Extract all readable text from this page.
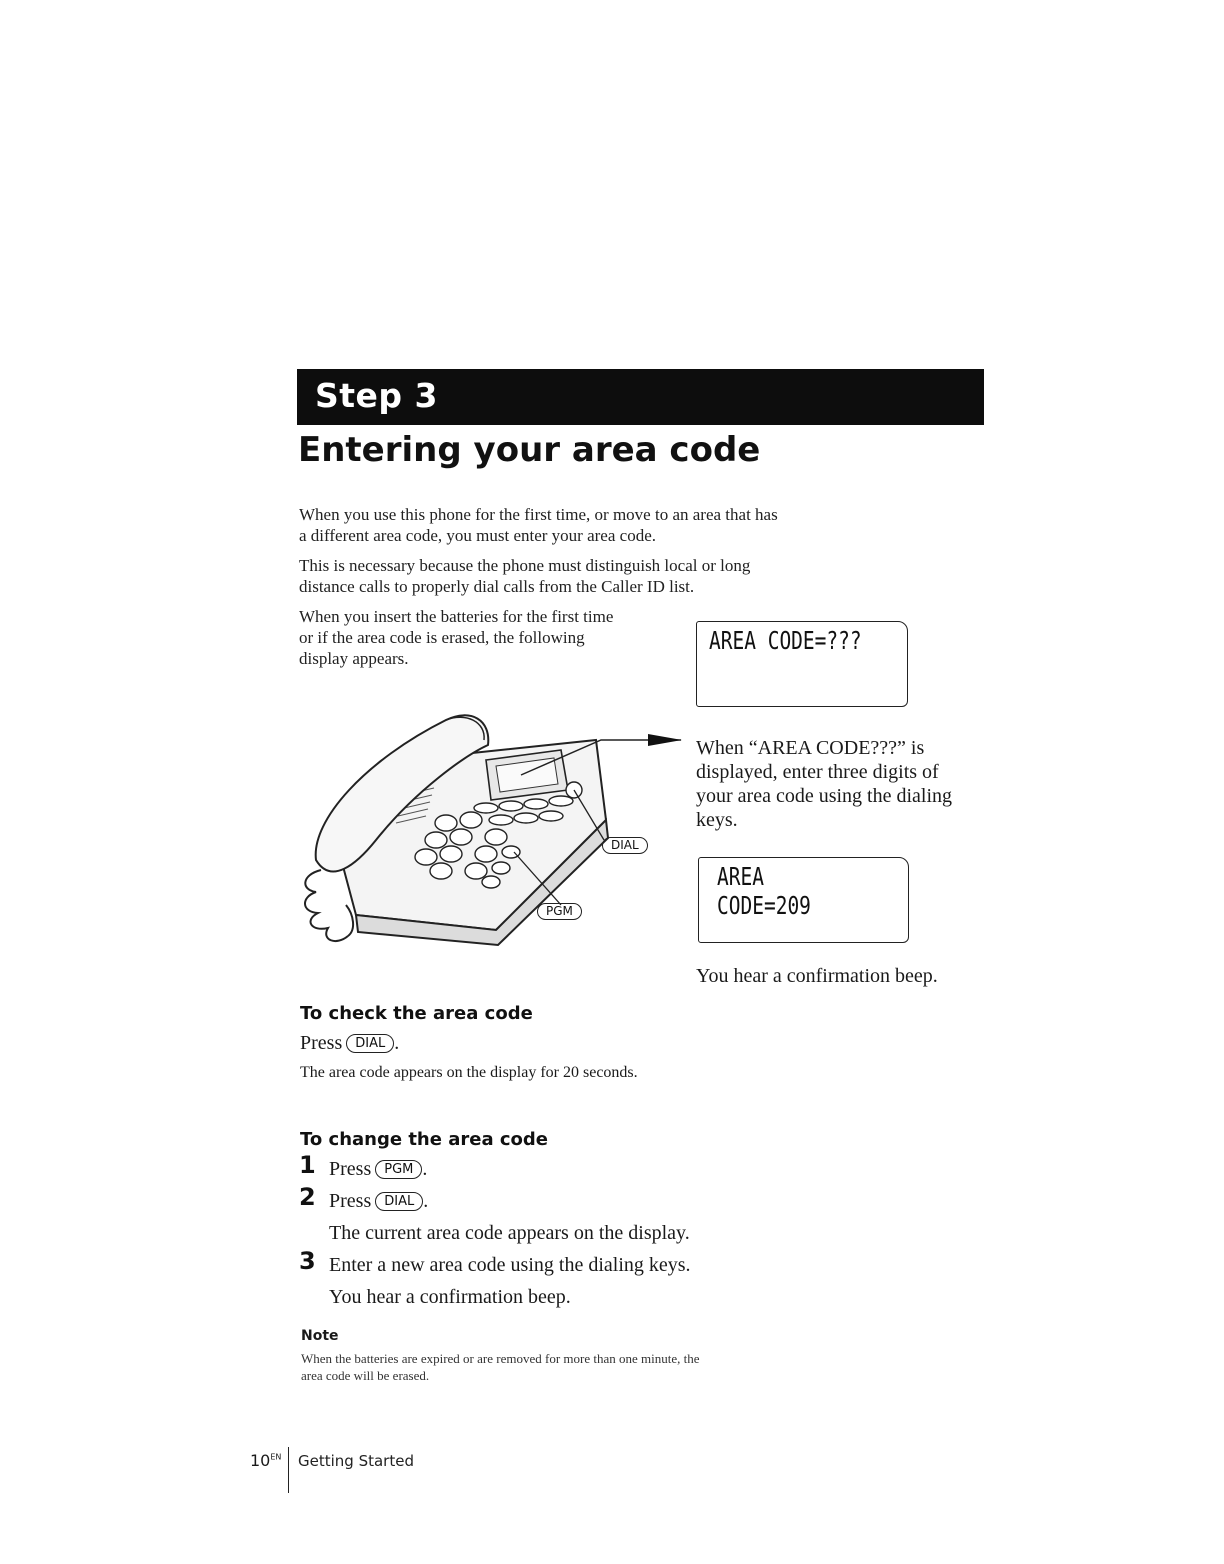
Step 3
Entering your area code
When you use this phone for the first time, or move to an area that has
a different area code, you must enter your area code.
This is necessary because the phone must distinguish local or long
distance calls to properly dial calls from the Caller ID list.
When you insert the batteries for the first time
or if the area code is erased, the following
display appears.
AREA CODE=???
DIAL
PGM
When “AREA CODE???” is
displayed, enter three digits of
your area code using the dialing
keys.
AREA CODE=209
You hear a confirmation beep.
To check the area code
Press DIAL .
The area code appears on the display for 20 seconds.
To change the area code
1 Press PGM .
2 Press DIAL .
The current area code appears on the display.
3 Enter a new area code using the dialing keys.
You hear a confirmation beep.
Note
When the batteries are expired or are removed for more than one minute, the
area code will be erased.
$10^{EN}$ Getting Started
